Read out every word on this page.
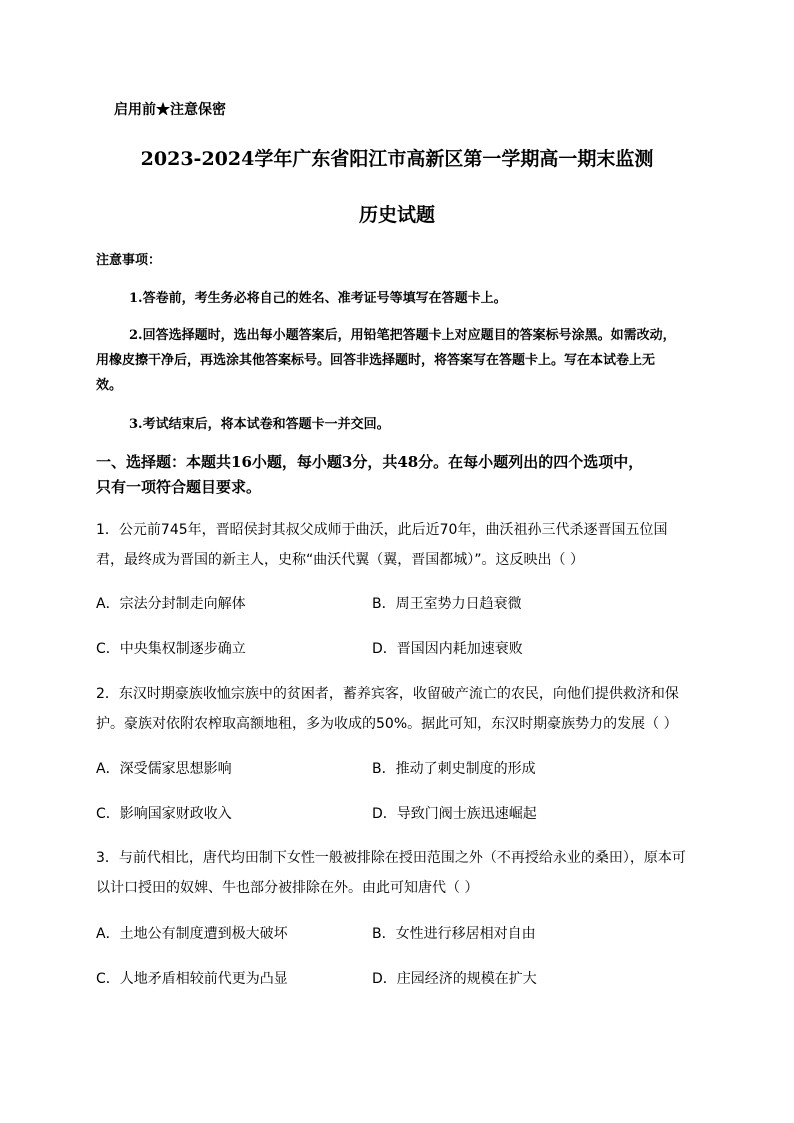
启用前★注意保密
2023-2024学年广东省阳江市高新区第一学期高一期末监测
历史试题
注意事项：
1.答卷前，考生务必将自己的姓名、准考证号等填写在答题卡上。
2.回答选择题时，选出每小题答案后，用铅笔把答题卡上对应题目的答案标号涂黑。如需改动，
用橡皮擦干净后，再选涂其他答案标号。回答非选择题时，将答案写在答题卡上。写在本试卷上无
效。
3.考试结束后，将本试卷和答题卡一并交回。
一、选择题：本题共16小题，每小题3分，共48分。在每小题列出的四个选项中，
只有一项符合题目要求。
1．公元前745年，晋昭侯封其叔父成师于曲沃，此后近70年，曲沃祖孙三代杀逐晋国五位国
君，最终成为晋国的新主人，史称“曲沃代翼（翼，晋国都城）”。这反映出（ ）
A．宗法分封制走向解体	B．周王室势力日趋衰微
C．中央集权制逐步确立	D．晋国因内耗加速衰败
2．东汉时期豪族收恤宗族中的贫困者，蓄养宾客，收留破产流亡的农民，向他们提供救济和保
护。豪族对依附农榨取高额地租，多为收成的50%。据此可知，东汉时期豪族势力的发展（ ）
A．深受儒家思想影响	B．推动了刺史制度的形成
C．影响国家财政收入	D．导致门阀士族迅速崛起
3．与前代相比，唐代均田制下女性一般被排除在授田范围之外（不再授给永业的桑田），原本可
以计口授田的奴婢、牛也部分被排除在外。由此可知唐代（ ）
A．土地公有制度遭到极大破坏	B．女性进行移居相对自由
C．人地矛盾相较前代更为凸显	D．庄园经济的规模在扩大
